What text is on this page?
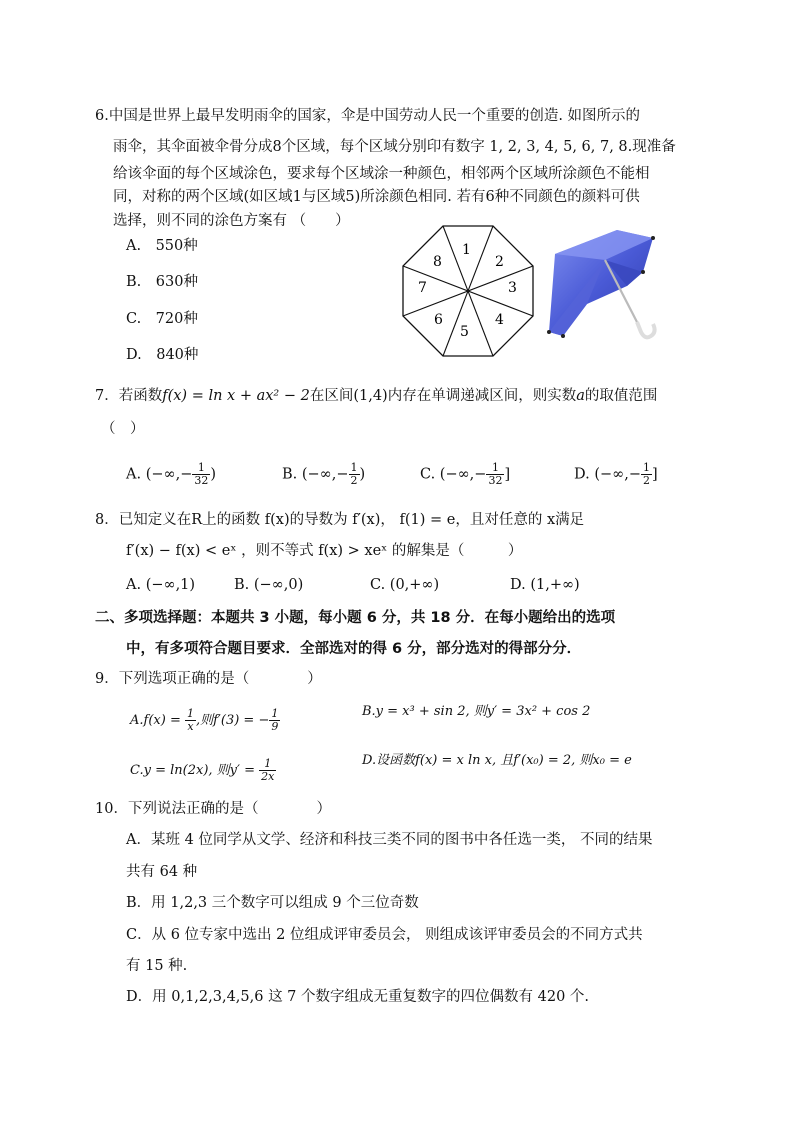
6.中国是世界上最早发明雨伞的国家，伞是中国劳动人民一个重要的创造. 如图所示的
雨伞，其伞面被伞骨分成8个区域，每个区域分别印有数字 1, 2, 3, 4, 5, 6, 7, 8.现准备
给该伞面的每个区域涂色，要求每个区域涂一种颜色，相邻两个区域所涂颜色不能相
同，对称的两个区域(如区域1与区域5)所涂颜色相同. 若有6种不同颜色的颜料可供
选择，则不同的涂色方案有 （　　）
A.　550种
B.　630种
C.　720种
D.　840种
1
2
3
4
5
6
7
8
7．若函数f(x) = ln x + ax² − 2在区间(1,4)内存在单调递减区间，则实数a的取值范围
（　）
A. (−∞,− $\frac{1}{32}$ )	B. (−∞,− $\frac{1}{2}$ )	C. (−∞,− $\frac{1}{32}$ ]	D. (−∞,− $\frac{1}{2}$ ]
8．已知定义在R上的函数 f(x)的导数为 f′(x)， f(1) = e，且对任意的 x满足
f′(x) − f(x) < eˣ ，则不等式 f(x) > xeˣ 的解集是（　　　）
A. (−∞,1)	B. (−∞,0)	C. (0,+∞)	D. (1,+∞)
二、多项选择题：本题共 3 小题，每小题 6 分，共 18 分．在每小题给出的选项
中，有多项符合题目要求．全部选对的得 6 分，部分选对的得部分分．
9．下列选项正确的是（　　　　）
$A.f(x) = \frac{1}{x}$ ,则f′(3) = − $\frac{1}{9}$	B.y = x³ + sin 2, 则y′ = 3x² + cos 2
C.y = ln(2x), 则$y' = \frac{1}{2x}$	D.设函数f(x) = x ln x, 且f′(x₀) = 2, 则x₀ = e
10．下列说法正确的是（　　　　）
A．某班 4 位同学从文学、经济和科技三类不同的图书中各任选一类， 不同的结果
共有 64 种
B．用 1,2,3 三个数字可以组成 9 个三位奇数
C．从 6 位专家中选出 2 位组成评审委员会， 则组成该评审委员会的不同方式共
有 15 种.
D．用 0,1,2,3,4,5,6 这 7 个数字组成无重复数字的四位偶数有 420 个.
